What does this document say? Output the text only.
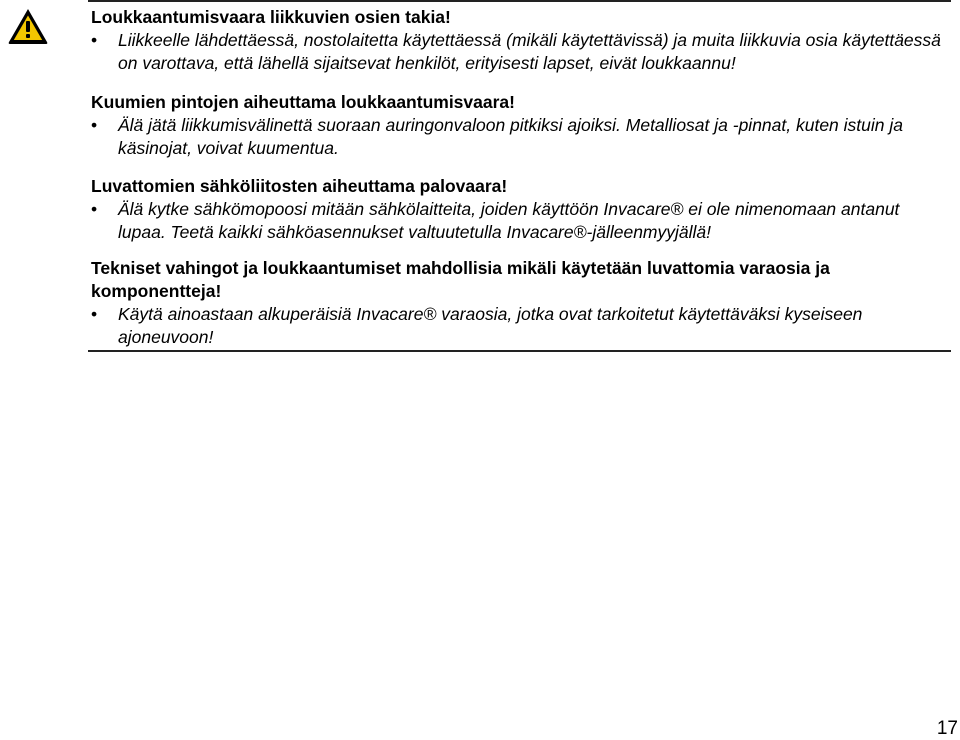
Loukkaantumisvaara liikkuvien osien takia!

•	Liikkeelle lähdettäessä, nostolaitetta käytettäessä (mikäli käytettävissä) ja muita liikkuvia osia käytettäessä on varottava, että lähellä sijaitsevat henkilöt, erityisesti lapset, eivät loukkaannu!

Kuumien pintojen aiheuttama loukkaantumisvaara!

•	Älä jätä liikkumisvälinettä suoraan auringonvaloon pitkiksi ajoiksi. Metalliosat ja -pinnat, kuten istuin ja käsinojat, voivat kuumentua.

Luvattomien sähköliitosten aiheuttama palovaara!

•	Älä kytke sähkömopoosi mitään sähkölaitteita, joiden käyttöön Invacare® ei ole nimenomaan antanut lupaa. Teetä kaikki sähköasennukset valtuutetulla Invacare®-jälleenmyyjällä!

Tekniset vahingot ja loukkaantumiset mahdollisia mikäli käytetään luvattomia varaosia ja komponentteja!

•	Käytä ainoastaan alkuperäisiä Invacare® varaosia, jotka ovat tarkoitetut käytettäväksi kyseiseen ajoneuvoon!
17
